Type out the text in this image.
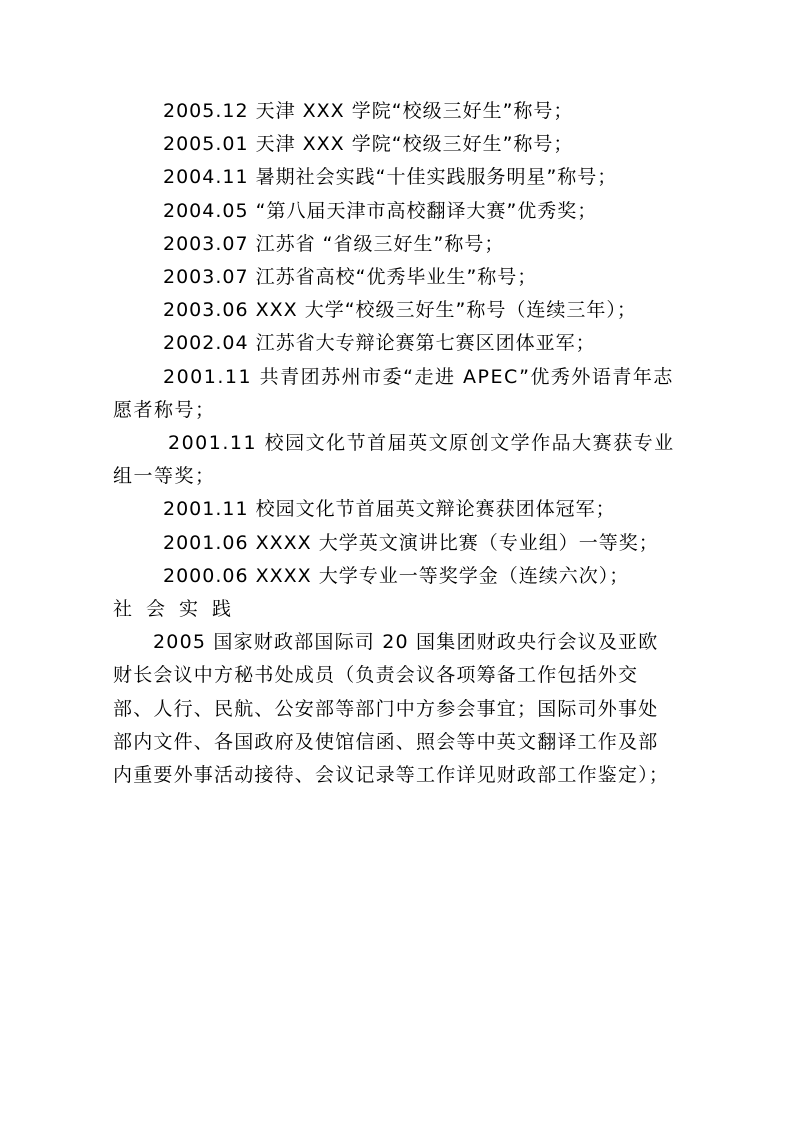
2005.12 天津 XXX 学院“校级三好生”称号；

2005.01 天津 XXX 学院“校级三好生”称号；

2004.11 暑期社会实践“十佳实践服务明星”称号；

2004.05 “第八届天津市高校翻译大赛”优秀奖；

2003.07 江苏省 “省级三好生”称号；

2003.07 江苏省高校“优秀毕业生”称号；

2003.06 XXX 大学“校级三好生”称号（连续三年）；

2002.04 江苏省大专辩论赛第七赛区团体亚军；

2001.11 共青团苏州市委“走进 APEC”优秀外语青年志愿者称号；

2001.11 校园文化节首届英文原创文学作品大赛获专业组一等奖；

2001.11 校园文化节首届英文辩论赛获团体冠军；

2001.06 XXXX 大学英文演讲比赛（专业组）一等奖；

2000.06 XXXX 大学专业一等奖学金（连续六次）；

社会实践

2005 国家财政部国际司 20 国集团财政央行会议及亚欧财长会议中方秘书处成员（负责会议各项筹备工作包括外交部、人行、民航、公安部等部门中方参会事宜；国际司外事处部内文件、各国政府及使馆信函、照会等中英文翻译工作及部内重要外事活动接待、会议记录等工作详见财政部工作鉴定）；
